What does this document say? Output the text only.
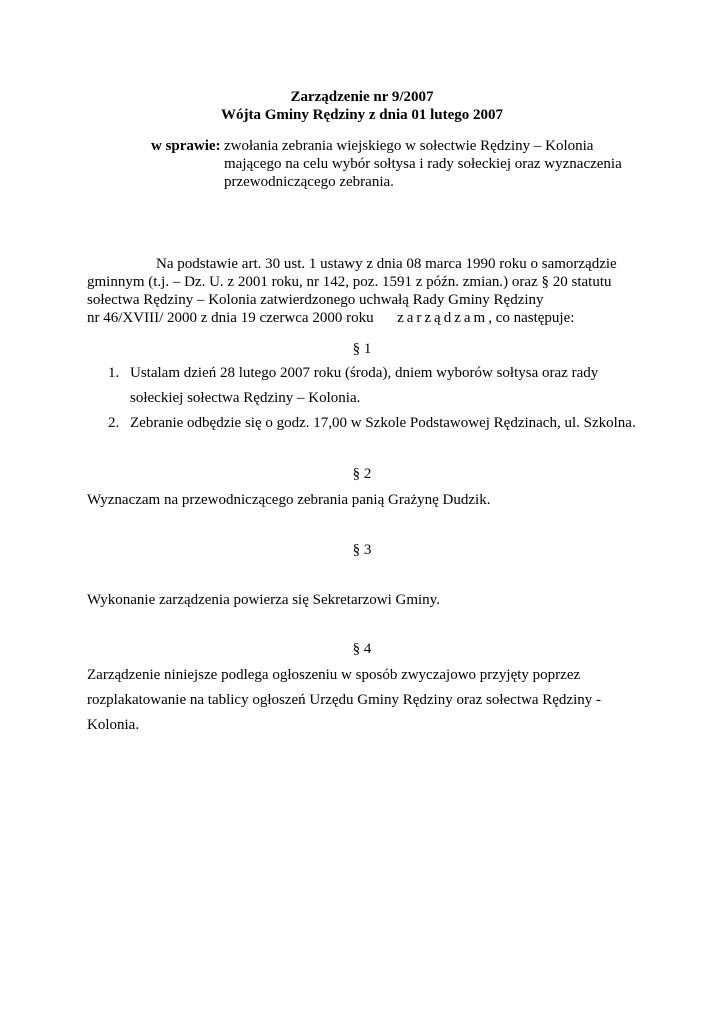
Zarządzenie nr 9/2007
Wójta Gminy Rędziny z dnia 01 lutego 2007
w sprawie: zwołania zebrania wiejskiego w sołectwie Rędziny – Kolonia
mającego na celu wybór sołtysa i rady sołeckiej oraz wyznaczenia
przewodniczącego zebrania.
Na podstawie art. 30 ust. 1 ustawy z dnia 08 marca 1990 roku o samorządzie
gminnym (t.j. – Dz. U. z 2001 roku, nr 142, poz. 1591 z późn. zmian.) oraz § 20 statutu
sołectwa Rędziny – Kolonia zatwierdzonego uchwałą Rady Gminy Rędziny
nr 46/XVIII/ 2000 z dnia 19 czerwca 2000 roku zarządzam, co następuje:
§ 1
1. Ustalam dzień 28 lutego 2007 roku (środa), dniem wyborów sołtysa oraz rady
sołeckiej sołectwa Rędziny – Kolonia.
2. Zebranie odbędzie się o godz. 17,00 w Szkole Podstawowej Rędzinach, ul. Szkolna.
§ 2
Wyznaczam na przewodniczącego zebrania panią Grażynę Dudzik.
§ 3
Wykonanie zarządzenia powierza się Sekretarzowi Gminy.
§ 4
Zarządzenie niniejsze podlega ogłoszeniu w sposób zwyczajowo przyjęty poprzez
rozplakatowanie na tablicy ogłoszeń Urzędu Gminy Rędziny oraz sołectwa Rędziny -
Kolonia.
